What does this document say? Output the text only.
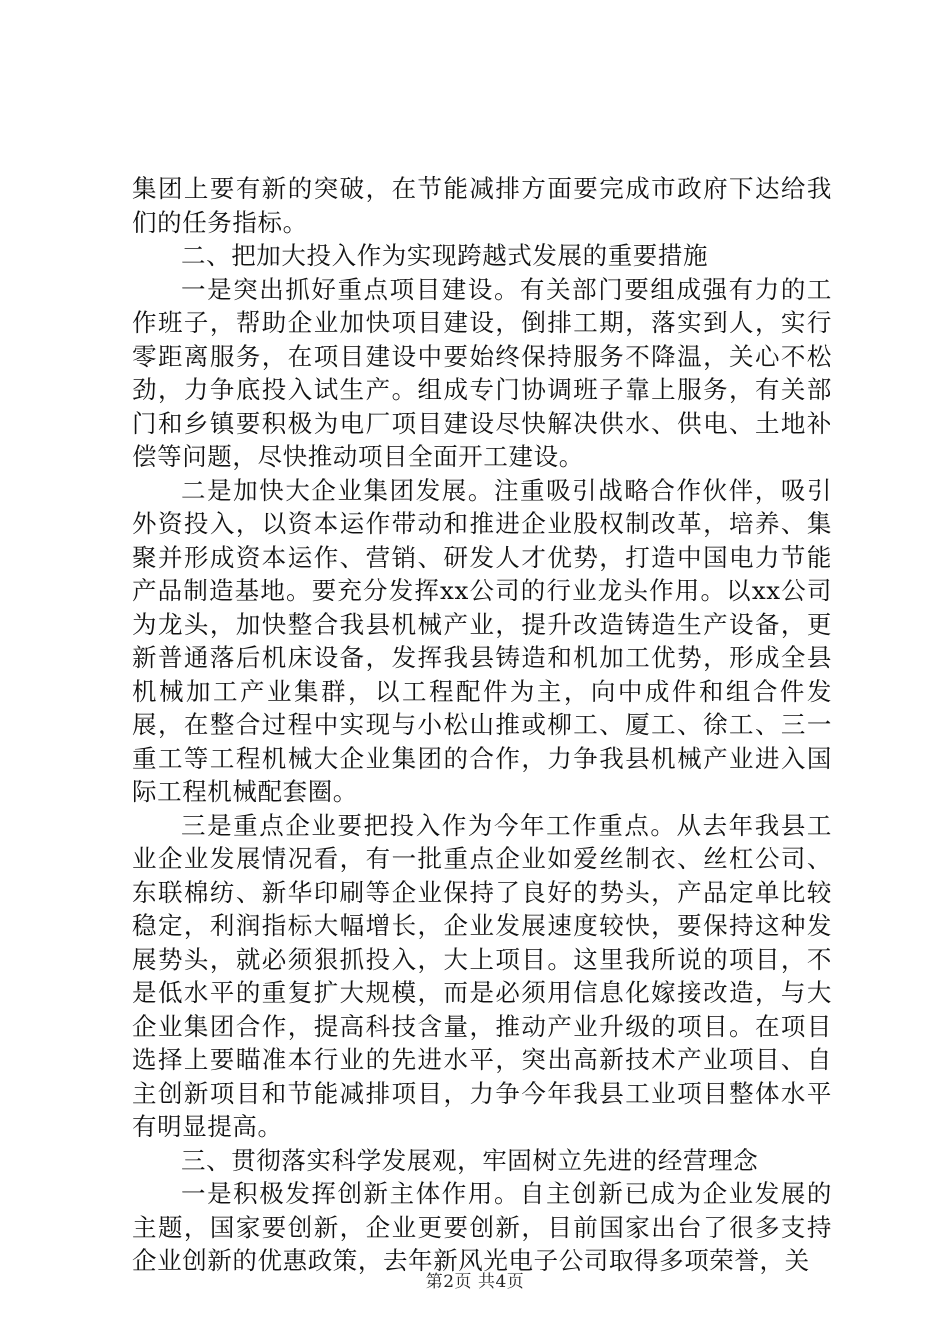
集团上要有新的突破，在节能减排方面要完成市政府下达给我们的任务指标。

二、把加大投入作为实现跨越式发展的重要措施

一是突出抓好重点项目建设。有关部门要组成强有力的工作班子，帮助企业加快项目建设，倒排工期，落实到人，实行零距离服务，在项目建设中要始终保持服务不降温，关心不松劲，力争底投入试生产。组成专门协调班子靠上服务，有关部门和乡镇要积极为电厂项目建设尽快解决供水、供电、土地补偿等问题，尽快推动项目全面开工建设。

二是加快大企业集团发展。注重吸引战略合作伙伴，吸引外资投入，以资本运作带动和推进企业股权制改革，培养、集聚并形成资本运作、营销、研发人才优势，打造中国电力节能产品制造基地。要充分发挥xx公司的行业龙头作用。以xx公司为龙头，加快整合我县机械产业，提升改造铸造生产设备，更新普通落后机床设备，发挥我县铸造和机加工优势，形成全县机械加工产业集群，以工程配件为主，向中成件和组合件发展，在整合过程中实现与小松山推或柳工、厦工、徐工、三一重工等工程机械大企业集团的合作，力争我县机械产业进入国际工程机械配套圈。

三是重点企业要把投入作为今年工作重点。从去年我县工业企业发展情况看，有一批重点企业如爱丝制衣、丝杠公司、东联棉纺、新华印刷等企业保持了良好的势头，产品定单比较稳定，利润指标大幅增长，企业发展速度较快，要保持这种发展势头，就必须狠抓投入，大上项目。这里我所说的项目，不是低水平的重复扩大规模，而是必须用信息化嫁接改造，与大企业集团合作，提高科技含量，推动产业升级的项目。在项目选择上要瞄准本行业的先进水平，突出高新技术产业项目、自主创新项目和节能减排项目，力争今年我县工业项目整体水平有明显提高。

三、贯彻落实科学发展观，牢固树立先进的经营理念

一是积极发挥创新主体作用。自主创新已成为企业发展的主题，国家要创新，企业更要创新，目前国家出台了很多支持企业创新的优惠政策，去年新风光电子公司取得多项荣誉，关

第2页 共4页
